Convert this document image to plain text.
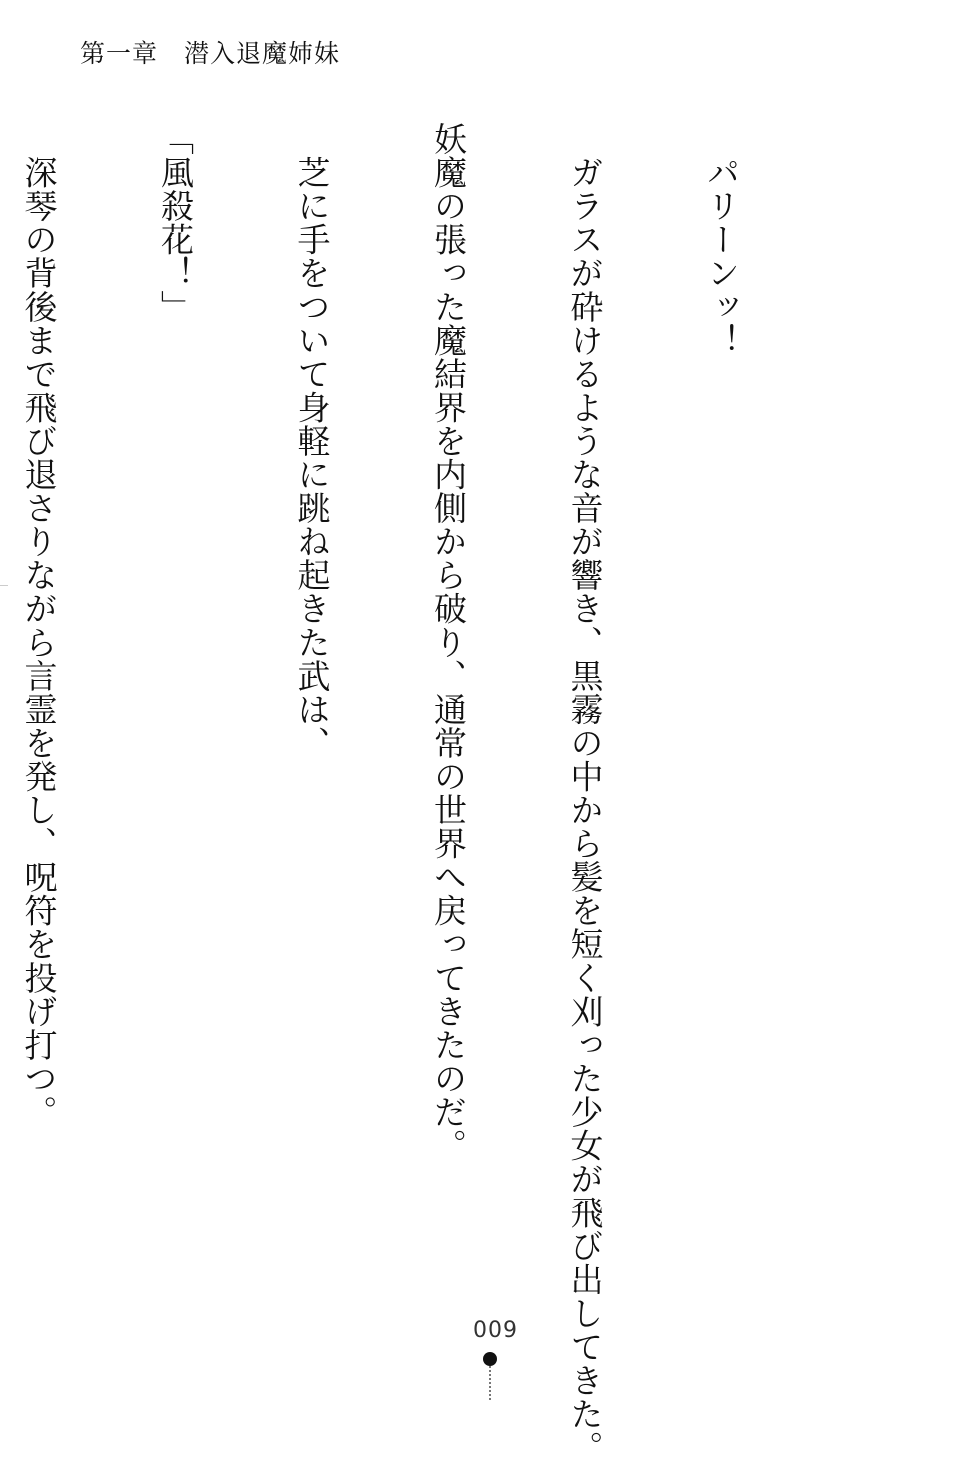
第一章　潜入退魔姉妹

　パリーンッ！

　ガラスが砕けるような音が響き、黒霧の中から髪を短く刈った少女が飛び出してきた。

妖魔の張った魔結界を内側から破り、通常の世界へ戻ってきたのだ。

　芝に手をついて身軽に跳ね起きた武は、

「風殺花！」

　深琴の背後まで飛び退さりながら言霊を発し、呪符を投げ打つ。

009
